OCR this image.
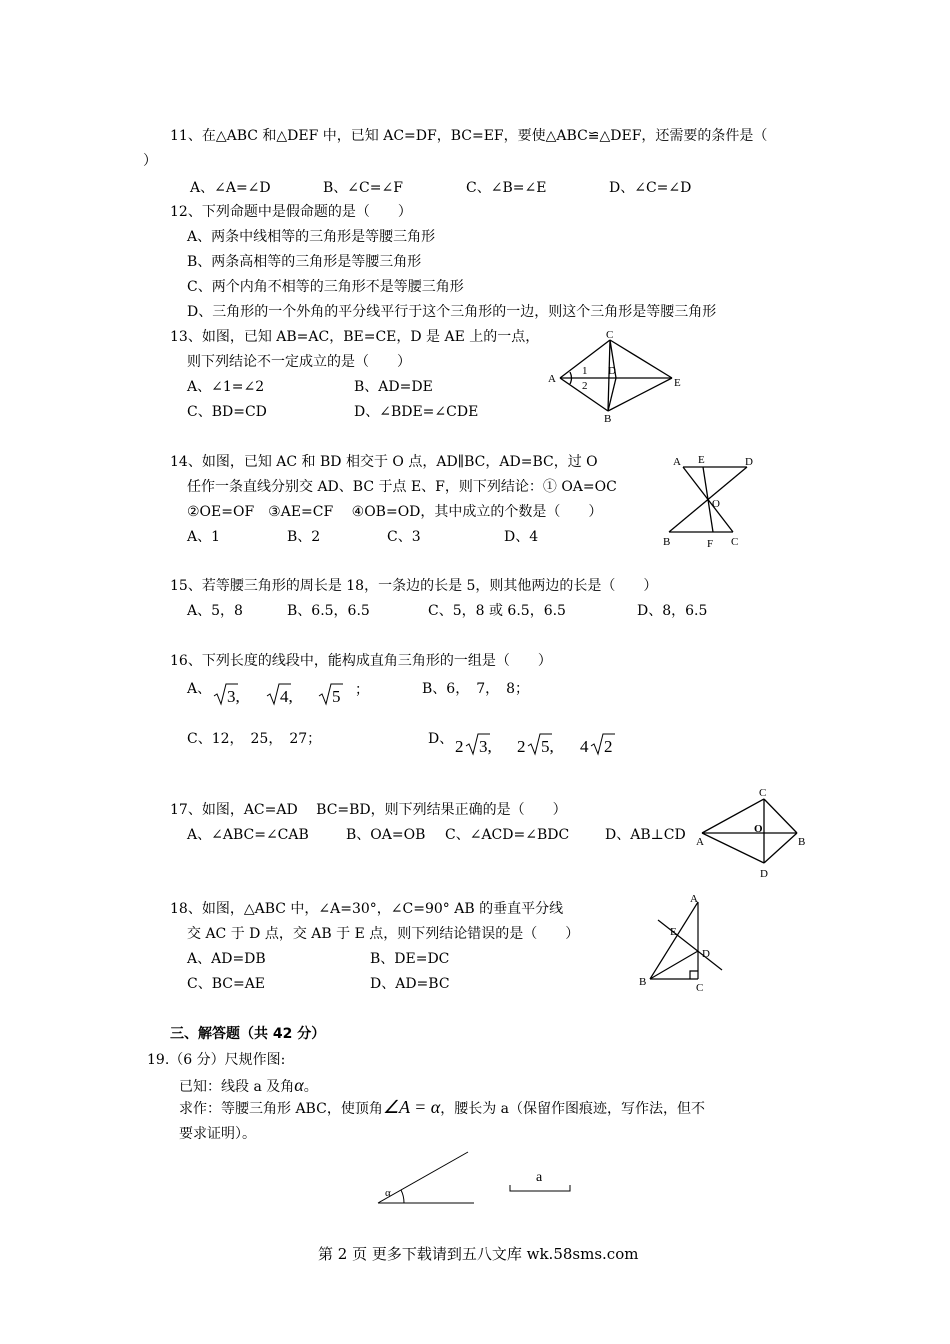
11、在△ABC 和△DEF 中，已知 AC=DF，BC=EF，要使△ABC≌△DEF，还需要的条件是（
）
A、∠A=∠D	B、∠C=∠F	C、∠B=∠E	D、∠C=∠D
12、下列命题中是假命题的是（　　）
A、两条中线相等的三角形是等腰三角形
B、两条高相等的三角形是等腰三角形
C、两个内角不相等的三角形不是等腰三角形
D、三角形的一个外角的平分线平行于这个三角形的一边，则这个三角形是等腰三角形
13、如图，已知 AB=AC，BE=CE，D 是 AE 上的一点，
则下列结论不一定成立的是（　　）
A、∠1=∠2	B、AD=DE
C、BD=CD	D、∠BDE=∠CDE
A
C
B
D
E
1
2
14、如图，已知 AC 和 BD 相交于 O 点，AD∥BC，AD=BC，过 O
任作一条直线分别交 AD、BC 于点 E、F，则下列结论：① OA=OC
②OE=OF　③AE=CF　 ④OB=OD，其中成立的个数是（　　）
A、1	B、2	C、3	D、4
A E	D
O
B	F C
15、若等腰三角形的周长是 18，一条边的长是 5，则其他两边的长是（　　）
A、5，8	B、6.5，6.5	C、5，8 或 6.5，6.5	D、8，6.5
16、下列长度的线段中，能构成直角三角形的一组是（　　）
A、 3, 4, 5 ；	B、6，　7，　8；
C、12，　25，　27；	D、 2 3, 2 5, 4 2
17、如图，AC=AD　 BC=BD，则下列结果正确的是（　　）
A、∠ABC=∠CAB	B、OA=OB C、∠ACD=∠BDC	D、AB⊥CD A
C
O
B
D
18、如图，△ABC 中，∠A=30°，∠C=90° AB 的垂直平分线
交 AC 于 D 点，交 AB 于 E 点，则下列结论错误的是（　　）
A、AD=DB	B、DE=DC
C、BC=AE	D、AD=BC
A
E
D
B	C
三、解答题（共 42 分）
19.（6 分）尺规作图:
已知：线段 a 及角α。
求作：等腰三角形 ABC，使顶角∠A = α，腰长为 a（保留作图痕迹，写作法，但不
要求证明）。
α
a
第 2 页 更多下载请到五八文库 wk.58sms.com
